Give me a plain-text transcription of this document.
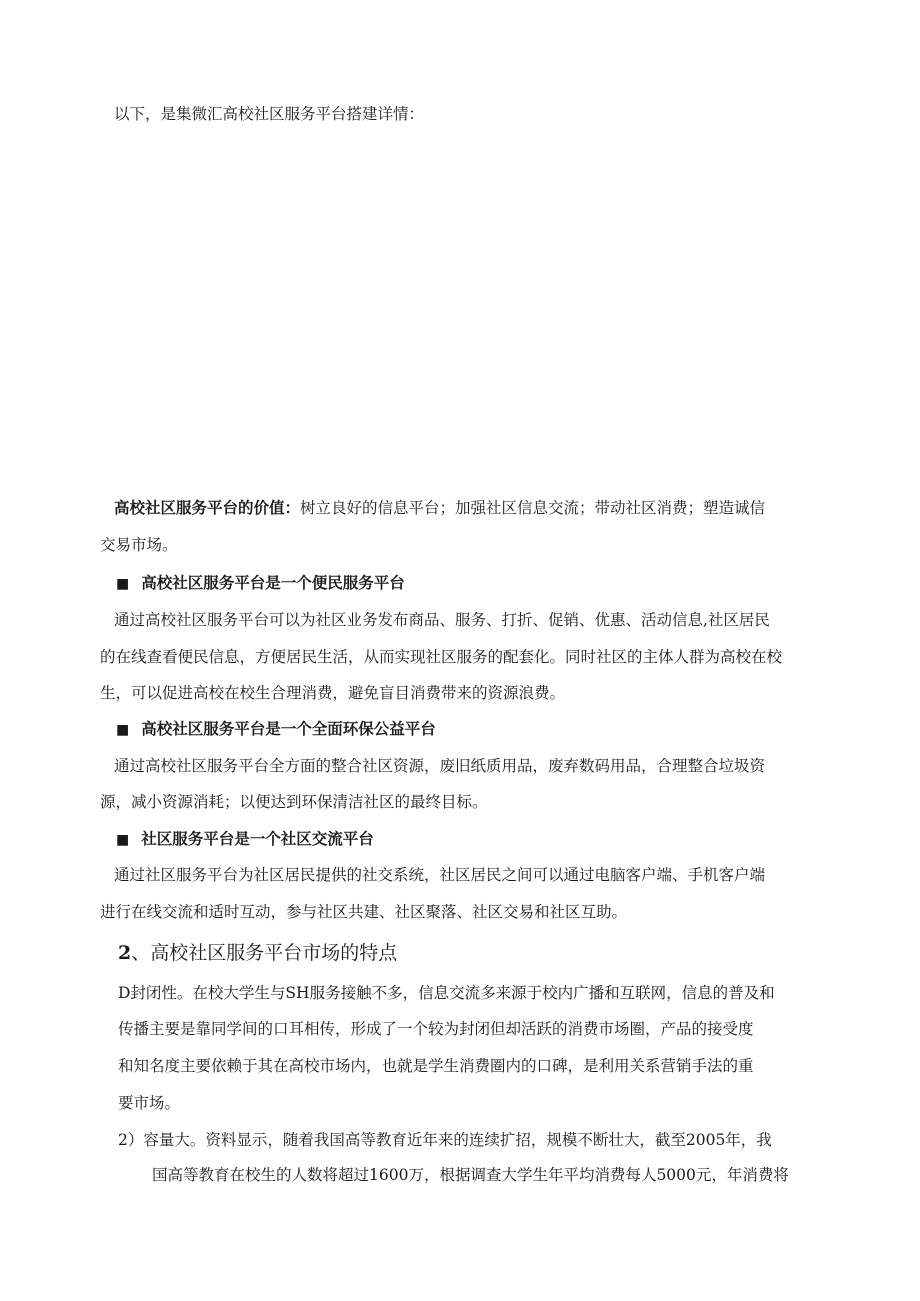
以下，是集微汇高校社区服务平台搭建详情：
高校社区服务平台的价值：树立良好的信息平台；加强社区信息交流；带动社区消费；塑造诚信
交易市场。
■ 高校社区服务平台是一个便民服务平台
通过高校社区服务平台可以为社区业务发布商品、服务、打折、促销、优惠、活动信息,社区居民
的在线查看便民信息，方便居民生活，从而实现社区服务的配套化。同时社区的主体人群为高校在校
生，可以促进高校在校生合理消费，避免盲目消费带来的资源浪费。
■ 高校社区服务平台是一个全面环保公益平台
通过高校社区服务平台全方面的整合社区资源，废旧纸质用品，废弃数码用品，合理整合垃圾资
源，减小资源消耗；以便达到环保清洁社区的最终目标。
■ 社区服务平台是一个社区交流平台
通过社区服务平台为社区居民提供的社交系统，社区居民之间可以通过电脑客户端、手机客户端
进行在线交流和适时互动，参与社区共建、社区聚落、社区交易和社区互助。
2、高校社区服务平台市场的特点
D封闭性。在校大学生与SH服务接触不多，信息交流多来源于校内广播和互联网，信息的普及和
传播主要是靠同学间的口耳相传，形成了一个较为封闭但却活跃的消费市场圈，产品的接受度
和知名度主要依赖于其在高校市场内，也就是学生消费圈内的口碑，是利用关系营销手法的重
要市场。
2）容量大。资料显示，随着我国高等教育近年来的连续扩招，规模不断壮大，截至2005年，我
国高等教育在校生的人数将超过1600万，根据调查大学生年平均消费每人5000元，年消费将
